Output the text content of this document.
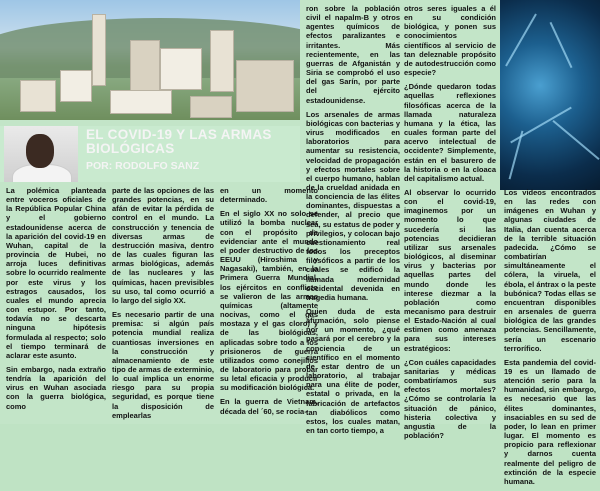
EL COVID-19 Y LAS ARMAS BIOLÓGICAS
POR: RODOLFO SANZ

La polémica planteada entre voceros oficiales de la República Popular China y el gobierno estadounidense acerca de la aparición del covid-19 en Wuhan, capital de la provincia de Hubei, no arroja luces definitivas sobre lo ocurrido realmente por este virus y los estragos causados, los cuales el mundo aprecia con estupor. Por tanto, todavía no se descarta ninguna hipótesis formulada al respecto; solo el tiempo terminará de aclarar este asunto.

Sin embargo, nada extraño tendría la aparición del virus en Wuhan asociada con la guerra biológica, como

parte de las opciones de las grandes potencias, en su afán de evitar la pérdida de control en el mundo. La construcción y tenencia de diversas armas de destrucción masiva, dentro de las cuales figuran las armas biológicas, además de las nucleares y las químicas, hacen previsibles su uso, tal como ocurrió a lo largo del siglo XX.

Es necesario partir de una premisa: si algún país potencia mundial realiza cuantiosas inversiones en la construcción y almacenamiento de este tipo de armas de exterminio, lo cual implica un enorme riesgo para su propia seguridad, es porque tiene la disposición de emplearlas

en un momento determinado.

En el siglo XX no solo se utilizó la bomba nuclear con el propósito de evidenciar ante el mundo el poder destructivo de los EEUU (Hiroshima y Nagasaki), también, en la Primera Guerra Mundial, los ejércitos en conflicto se valieron de las armas químicas (altamente nocivas, como el gas mostaza y el gas cloro) y de las biológicas, aplicadas sobre todo a los prisioneros de guerra utilizados como conejillos de laboratorio para probar su letal eficacia y producir su modificación biológica.

En la guerra de Vietnam, década del ´60, se rocia-

ron sobre la población civil el napalm-B y otros agentes químicos de efectos paralizantes e irritantes. Más recientemente, en las guerras de Afganistán y Siria se comprobó el uso del gas Sarín, por parte del ejército estadounidense.

Los arsenales de armas biológicas con bacterias y virus modificados en laboratorios para aumentar su resistencia, velocidad de propagación y efectos mortales sobre el cuerpo humano, hablan de la crueldad anidada en la conciencia de las élites dominantes, dispuestas a defender, al precio que sea, su estatus de poder y privilegios, y colocan bajo cuestionamiento real todos los preceptos filosóficos a partir de los cuales se edificó la llamada modernidad occidental devenida en tragedia humana.

Quien duda de esta afirmación, solo piense por un momento, ¿qué pasará por el cerebro y la conciencia de un científico en el momento de estar dentro de un laboratorio, al trabajar para una élite de poder, estatal o privada, en la fabricación de artefactos tan diabólicos como estos, los cuales matan, en tan corto tiempo, a

otros seres iguales a él en su condición biológica, y ponen sus conocimientos científicos al servicio de tan deleznable propósito de autodestrucción como especie?

¿Dónde quedaron todas aquellas reflexiones filosóficas acerca de la llamada naturaleza humana y la ética, las cuales forman parte del acervo intelectual de occidente? Simplemente, están en el basurero de la historia o en la cloaca del capitalismo actual.

Al observar lo ocurrido con el covid-19, imaginemos por un momento lo que sucedería si las potencias decidieran utilizar sus arsenales biológicos, al diseminar virus y bacterias por aquellas partes del mundo donde les interese diezmar a la población como mecanismo para destruir el Estado-Nación al cual estimen como amenaza para sus intereses estratégicos:

¿Con cuáles capacidades sanitarias y médicas combatiríamos sus efectos mortales? ¿Cómo se controlaría la situación de pánico, histeria colectiva y angustia de la población?

Los videos encontrados en las redes con imágenes en Wuhan y algunas ciudades de Italia, dan cuenta acerca de la terrible situación padecida. ¿Cómo se combatirían simultáneamente el cólera, la viruela, el ébola, el ántrax o la peste bubónica? Todas ellas se encuentran disponibles en arsenales de guerra biológica de las grandes potencias. Sencillamente, sería un escenario terrorífico.

Esta pandemia del covid-19 es un llamado de atención serio para la humanidad, sin embargo, es necesario que las élites dominantes, insaciables en su sed de poder, lo lean en primer lugar. El momento es propicio para reflexionar y darnos cuenta realmente del peligro de extinción de la especie humana.
